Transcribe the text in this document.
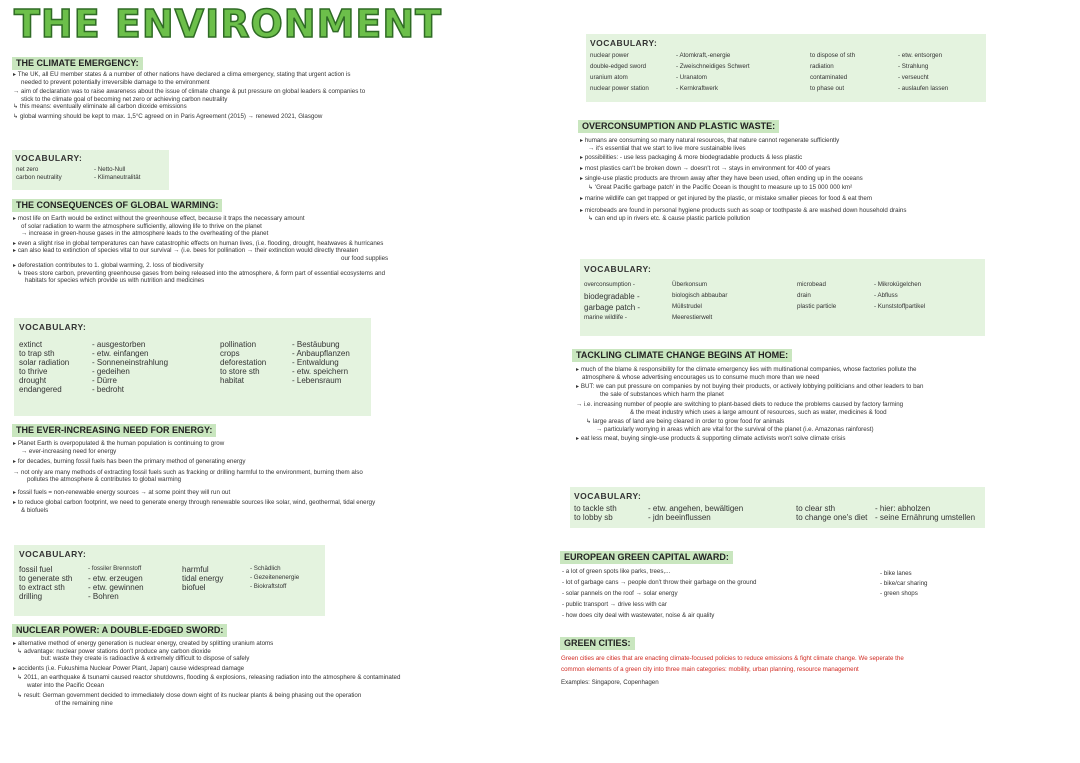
THE ENVIRONMENT
THE CLIMATE EMERGENCY:
▸ The UK, all EU member states & a number of other nations have declared a clima emergency, stating that urgent action is
needed to prevent potentially irreversible damage to the environment
→ aim of declaration was to raise awareness about the issue of climate change & put pressure on global leaders & companies to
stick to the climate goal of becoming net zero or achieving carbon neutrality
↳ this means: eventually eliminate all carbon dioxide emissions
↳ global warming should be kept to max. 1,5°C agreed on in Paris Agreement (2015) → renewed 2021, Glasgow
VOCABULARY:
net zero
carbon neutrality
- Netto-Null
- Klimaneutralität
THE CONSEQUENCES OF GLOBAL WARMING:
▸ most life on Earth would be extinct without the greenhouse effect, because it traps the necessary amount
of solar radiation to warm the atmosphere sufficiently, allowing life to thrive on the planet
→ increase in green-house gases in the atmosphere leads to the overheating of the planet
▸ even a slight rise in global temperatures can have catastrophic effects on human lives, (i.e. flooding, drought, heatwaves & hurricanes
▸ can also lead to extinction of species vital to our survival → (i.e. bees for pollination → their extinction would directly threaten
our food supplies
▸ deforestation contributes to 1. global warming, 2. loss of biodiversity
↳ trees store carbon, preventing greenhouse gases from being released into the atmosphere, & form part of essential ecosystems and
habitats for species which provide us with nutrition and medicines
VOCABULARY:
extinct
to trap sth
solar radiation
to thrive
drought
endangered
- ausgestorben
- etw. einfangen
- Sonneneinstrahlung
- gedeihen
- Dürre
- bedroht
pollination
crops
deforestation
to store sth
habitat
- Bestäubung
- Anbaupflanzen
- Entwaldung
- etw. speichern
- Lebensraum
THE EVER-INCREASING NEED FOR ENERGY:
▸ Planet Earth is overpopulated & the human population is continuing to grow
→ ever-increasing need for energy
▸ for decades, burning fossil fuels has been the primary method of generating energy
→ not only are many methods of extracting fossil fuels such as fracking or drilling harmful to the environment, burning them also
pollutes the atmosphere & contributes to global warming
▸ fossil fuels = non-renewable energy sources → at some point they will run out
▸ to reduce global carbon footprint, we need to generate energy through renewable sources like solar, wind, geothermal, tidal energy
& biofuels
VOCABULARY:
fossil fuel
to generate sth
to extract sth
drilling
- fossiler Brennstoff
- etw. erzeugen
- etw. gewinnen
- Bohren
harmful
tidal energy
biofuel
- Schädlich
- Gezeitenenergie
- Biokraftstoff
NUCLEAR POWER: A DOUBLE-EDGED SWORD:
▸ alternative method of energy generation is nuclear energy, created by splitting uranium atoms
↳ advantage: nuclear power stations don't produce any carbon dioxide
but: waste they create is radioactive & extremely difficult to dispose of safely
▸ accidents (i.e. Fukushima Nuclear Power Plant, Japan) cause widespread damage
↳ 2011, an earthquake & tsunami caused reactor shutdowns, flooding & explosions, releasing radiation into the atmosphere & contaminated
water into the Pacific Ocean
↳ result: German government decided to immediately close down eight of its nuclear plants & being phasing out the operation
of the remaining nine
VOCABULARY:
nuclear power
double-edged sword
uranium atom
nuclear power station
- Atomkraft,-energie
- Zweischneidiges Schwert
- Uranatom
- Kernkraftwerk
to dispose of sth
radiation
contaminated
to phase out
- etw. entsorgen
- Strahlung
- verseucht
- auslaufen lassen
OVERCONSUMPTION AND PLASTIC WASTE:
▸ humans are consuming so many natural resources, that nature cannot regenerate sufficiently
→ it's essential that we start to live more sustainable lives
▸ possibilities: - use less packaging & more biodegradable products & less plastic
▸ most plastics can't be broken down → doesn't rot → stays in environment for 400 of years
▸ single-use plastic products are thrown away after they have been used, often ending up in the oceans
↳ 'Great Pacific garbage patch' in the Pacific Ocean is thought to measure up to 15 000 000 km²
▸ marine wildlife can get trapped or get injured by the plastic, or mistake smaller pieces for food & eat them
▸ microbeads are found in personal hygiene products such as soap or toothpaste & are washed down household drains
↳ can end up in rivers etc. & cause plastic particle pollution
VOCABULARY:
overconsumption -
biodegradable -
garbage patch -
marine wildlife -
Überkonsum
biologisch abbaubar
Müllstrudel
Meerestierwelt
microbead
drain
plastic particle
- Mikrokügelchen
- Abfluss
- Kunststoffpartikel
TACKLING CLIMATE CHANGE BEGINS AT HOME:
▸ much of the blame & responsibility for the climate emergency lies with multinational companies, whose factories pollute the
atmosphere & whose advertising encourages us to consume much more than we need
▸ BUT: we can put pressure on companies by not buying their products, or actively lobbying politicians and other leaders to ban
the sale of substances which harm the planet
→ i.e. increasing number of people are switching to plant-based diets to reduce the problems caused by factory farming
& the meat industry which uses a large amount of resources, such as water, medicines & food
↳ large areas of land are being cleared in order to grow food for animals
→ particularly worrying in areas which are vital for the survival of the planet (i.e. Amazonas rainforest)
▸ eat less meat, buying single-use products & supporting climate activists won't solve climate crisis
VOCABULARY:
to tackle sth
to lobby sb
- etw. angehen, bewältigen
- jdn beeinflussen
to clear sth
to change one's diet
- hier: abholzen
- seine Ernährung umstellen
EUROPEAN GREEN CAPITAL AWARD:
- a lot of green spots like parks, trees,...
- lot of garbage cans → people don't throw their garbage on the ground
- solar pannels on the roof → solar energy
- public transport → drive less with car
- how does city deal with wastewater, noise & air quality
- bike lanes
- bike/car sharing
- green shops
GREEN CITIES:
Green cities are cities that are enacting climate-focused policies to reduce emissions & fight climate change. We seperate the
common elements of a green city into three main categories: mobility, urban planning, resource management
Examples: Singapore, Copenhagen
